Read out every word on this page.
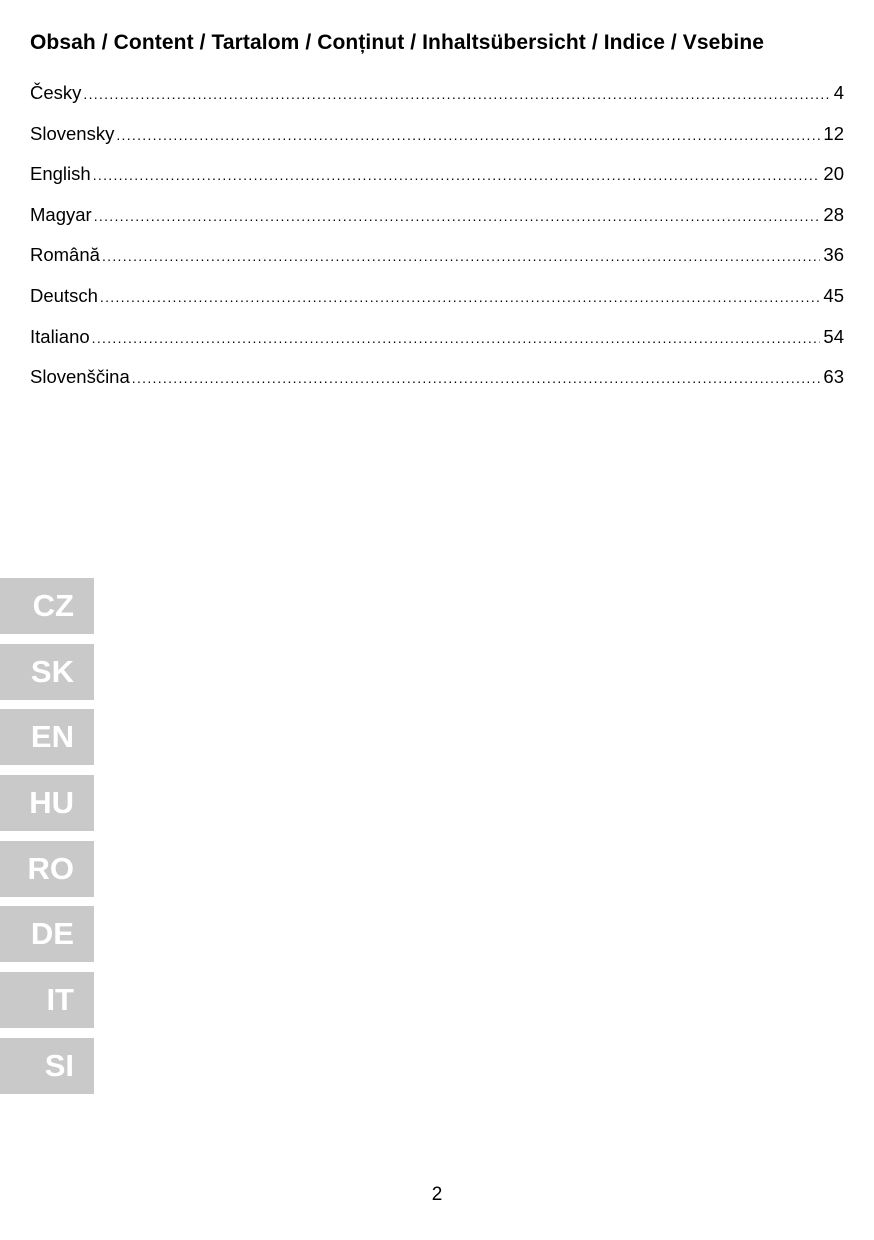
Obsah / Content / Tartalom / Conținut / Inhaltsübersicht / Indice / Vsebine
Česky .....	4
Slovensky .....	12
English .....	20
Magyar .....	28
Română .....	36
Deutsch .....	45
Italiano .....	54
Slovenščina .....	63
CZ
SK
EN
HU
RO
DE
IT
SI
2
